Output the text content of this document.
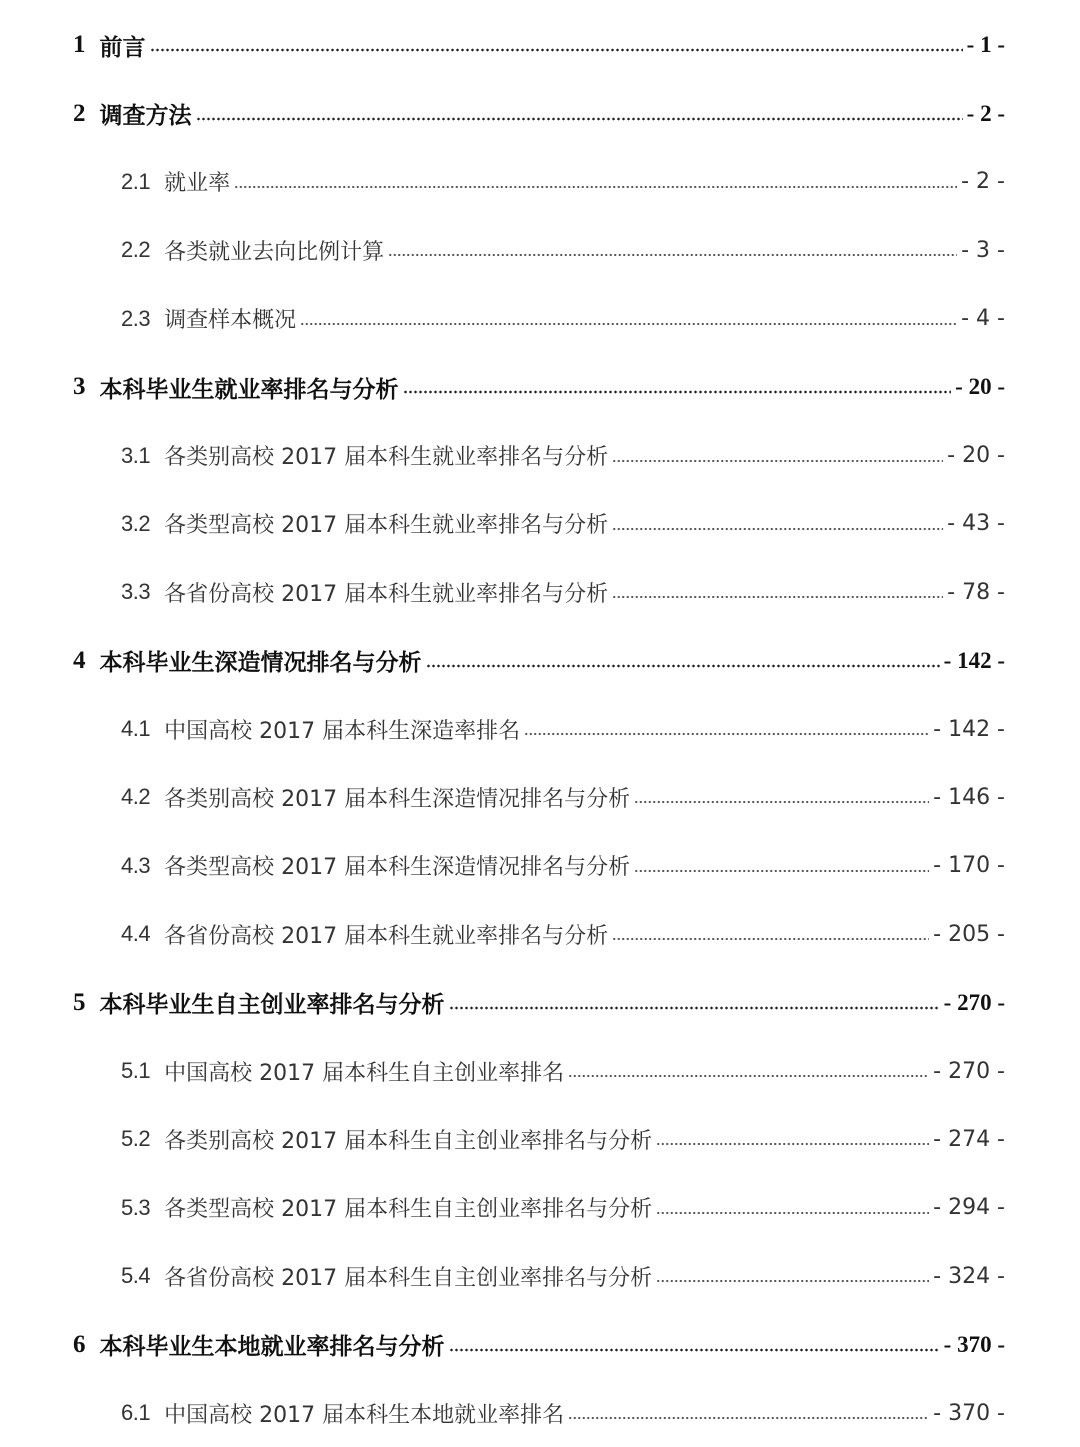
1 前言	- 1 -
2 调查方法	- 2 -
2.1 就业率	- 2 -
2.2 各类就业去向比例计算	- 3 -
2.3 调查样本概况	- 4 -
3 本科毕业生就业率排名与分析	- 20 -
3.1 各类别高校 2017 届本科生就业率排名与分析	- 20 -
3.2 各类型高校 2017 届本科生就业率排名与分析	- 43 -
3.3 各省份高校 2017 届本科生就业率排名与分析	- 78 -
4 本科毕业生深造情况排名与分析	- 142 -
4.1 中国高校 2017 届本科生深造率排名	- 142 -
4.2 各类别高校 2017 届本科生深造情况排名与分析	- 146 -
4.3 各类型高校 2017 届本科生深造情况排名与分析	- 170 -
4.4 各省份高校 2017 届本科生就业率排名与分析	- 205 -
5 本科毕业生自主创业率排名与分析	- 270 -
5.1 中国高校 2017 届本科生自主创业率排名	- 270 -
5.2 各类别高校 2017 届本科生自主创业率排名与分析	- 274 -
5.3 各类型高校 2017 届本科生自主创业率排名与分析	- 294 -
5.4 各省份高校 2017 届本科生自主创业率排名与分析	- 324 -
6 本科毕业生本地就业率排名与分析	- 370 -
6.1 中国高校 2017 届本科生本地就业率排名	- 370 -
